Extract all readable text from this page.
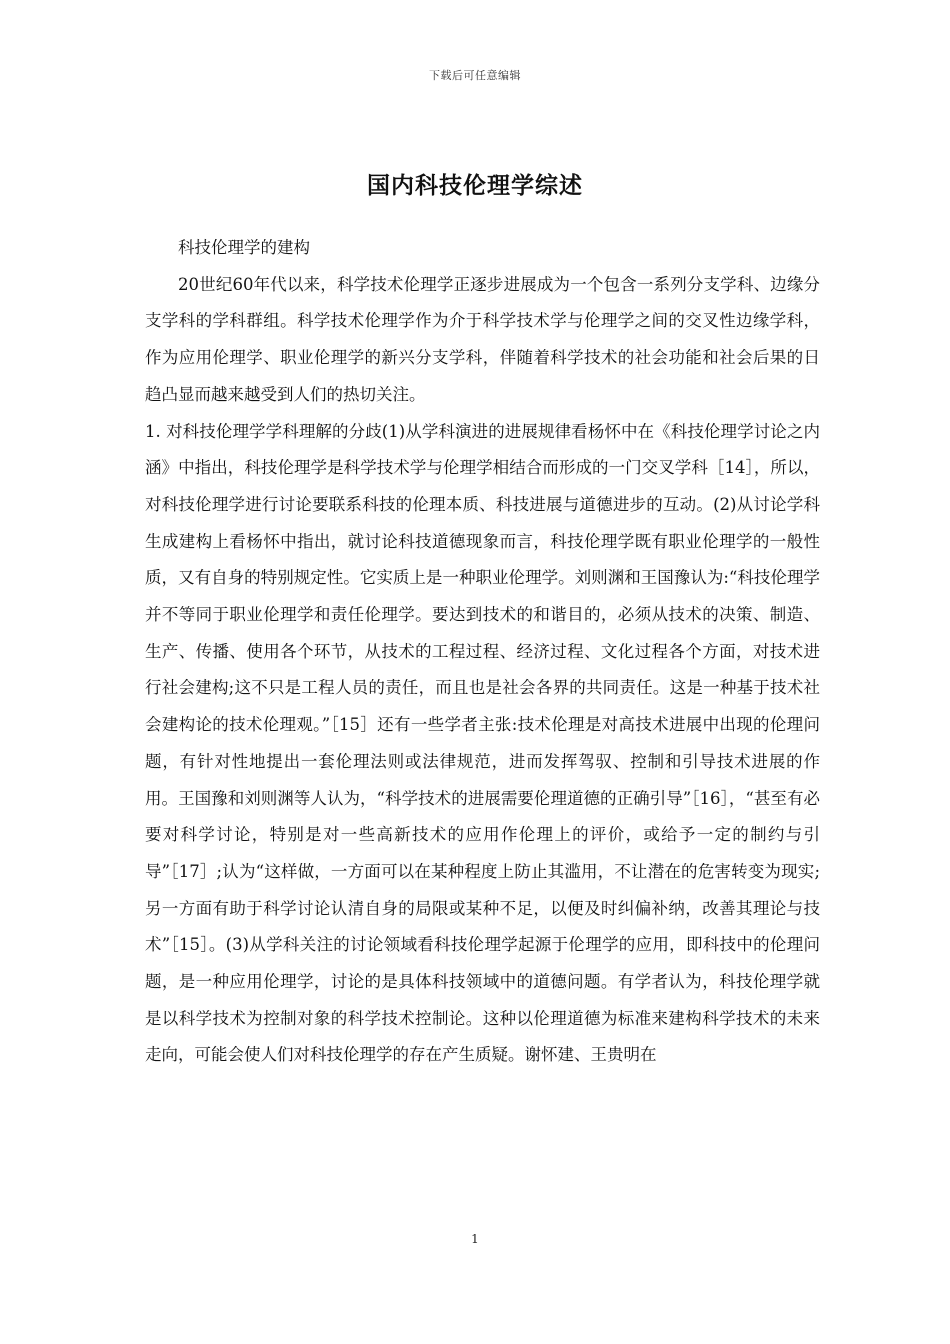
下载后可任意编辑
国内科技伦理学综述

科技伦理学的建构

20世纪60年代以来，科学技术伦理学正逐步进展成为一个包含一系列分支学科、边缘分支学科的学科群组。科学技术伦理学作为介于科学技术学与伦理学之间的交叉性边缘学科，作为应用伦理学、职业伦理学的新兴分支学科，伴随着科学技术的社会功能和社会后果的日趋凸显而越来越受到人们的热切关注。

1. 对科技伦理学学科理解的分歧(1)从学科演进的进展规律看杨怀中在《科技伦理学讨论之内涵》中指出，科技伦理学是科学技术学与伦理学相结合而形成的一门交叉学科［14］，所以，对科技伦理学进行讨论要联系科技的伦理本质、科技进展与道德进步的互动。(2)从讨论学科生成建构上看杨怀中指出，就讨论科技道德现象而言，科技伦理学既有职业伦理学的一般性质，又有自身的特别规定性。它实质上是一种职业伦理学。刘则渊和王国豫认为:“科技伦理学并不等同于职业伦理学和责任伦理学。要达到技术的和谐目的，必须从技术的决策、制造、生产、传播、使用各个环节，从技术的工程过程、经济过程、文化过程各个方面，对技术进行社会建构;这不只是工程人员的责任，而且也是社会各界的共同责任。这是一种基于技术社会建构论的技术伦理观。”［15］还有一些学者主张:技术伦理是对高技术进展中出现的伦理问题，有针对性地提出一套伦理法则或法律规范，进而发挥驾驭、控制和引导技术进展的作用。王国豫和刘则渊等人认为，“科学技术的进展需要伦理道德的正确引导”［16］，“甚至有必要对科学讨论，特别是对一些高新技术的应用作伦理上的评价，或给予一定的制约与引导”［17］;认为“这样做，一方面可以在某种程度上防止其滥用，不让潜在的危害转变为现实;另一方面有助于科学讨论认清自身的局限或某种不足，以便及时纠偏补纳，改善其理论与技术”［15］。(3)从学科关注的讨论领域看科技伦理学起源于伦理学的应用，即科技中的伦理问题，是一种应用伦理学，讨论的是具体科技领域中的道德问题。有学者认为，科技伦理学就是以科学技术为控制对象的科学技术控制论。这种以伦理道德为标准来建构科学技术的未来走向，可能会使人们对科技伦理学的存在产生质疑。谢怀建、王贵明在

1
